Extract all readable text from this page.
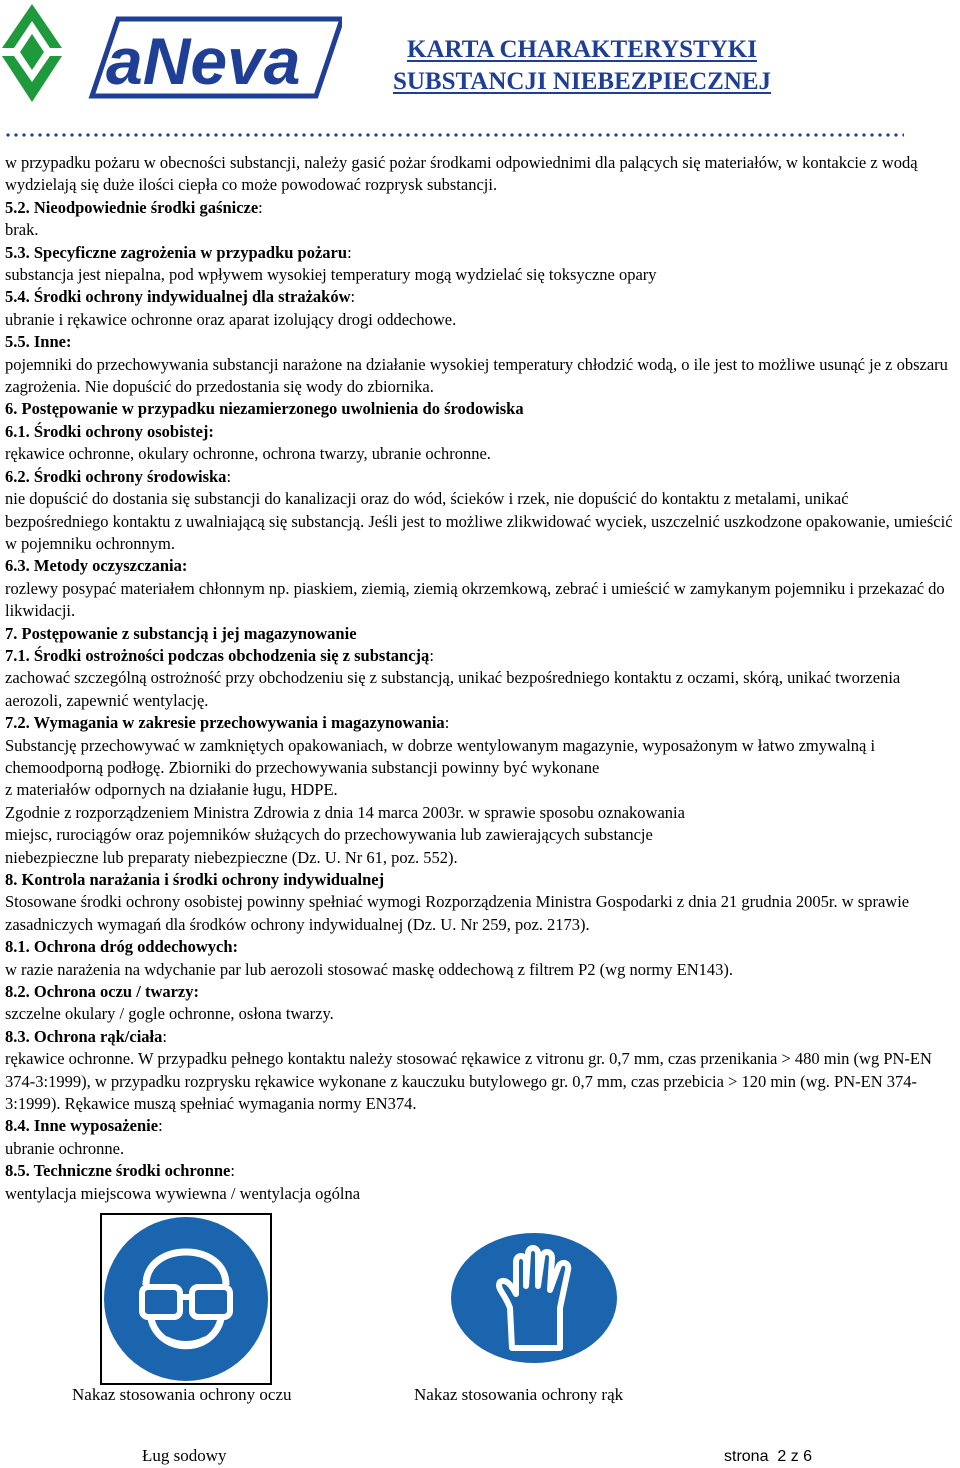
aNeva	KARTA CHARAKTERYSTYKI
SUBSTANCJI NIEBEZPIECZNEJ

w przypadku pożaru w obecności substancji, należy gasić pożar środkami odpowiednimi dla palących się materiałów, w kontakcie z wodą wydzielają się duże ilości ciepła co może powodować rozprysk substancji.

5.2. Nieodpowiednie środki gaśnicze:

brak.

5.3. Specyficzne zagrożenia w przypadku pożaru:

substancja jest niepalna, pod wpływem wysokiej temperatury mogą wydzielać się toksyczne opary

5.4. Środki ochrony indywidualnej dla strażaków:

ubranie i rękawice ochronne oraz aparat izolujący drogi oddechowe.

5.5. Inne:

pojemniki do przechowywania substancji narażone na działanie wysokiej temperatury chłodzić wodą, o ile jest to możliwe usunąć je z obszaru zagrożenia. Nie dopuścić do przedostania się wody do zbiornika.

6. Postępowanie w przypadku niezamierzonego uwolnienia do środowiska

6.1. Środki ochrony osobistej:

rękawice ochronne, okulary ochronne, ochrona twarzy, ubranie ochronne.

6.2. Środki ochrony środowiska:

nie dopuścić do dostania się substancji do kanalizacji oraz do wód, ścieków i rzek, nie dopuścić do kontaktu z metalami, unikać bezpośredniego kontaktu z uwalniającą się substancją. Jeśli jest to możliwe zlikwidować wyciek, uszczelnić uszkodzone opakowanie, umieścić w pojemniku ochronnym.

6.3. Metody oczyszczania:

rozlewy posypać materiałem chłonnym np. piaskiem, ziemią, ziemią okrzemkową, zebrać i umieścić w zamykanym pojemniku i przekazać do likwidacji.

7. Postępowanie z substancją i jej magazynowanie

7.1. Środki ostrożności podczas obchodzenia się z substancją:

zachować szczególną ostrożność przy obchodzeniu się z substancją, unikać bezpośredniego kontaktu z oczami, skórą, unikać tworzenia aerozoli, zapewnić wentylację.

7.2. Wymagania w zakresie przechowywania i magazynowania:

Substancję przechowywać w zamkniętych opakowaniach, w dobrze wentylowanym magazynie, wyposażonym w łatwo zmywalną i chemoodporną podłogę. Zbiorniki do przechowywania substancji powinny być wykonane

z materiałów odpornych na działanie ługu, HDPE.

Zgodnie z rozporządzeniem Ministra Zdrowia z dnia 14 marca 2003r. w sprawie sposobu oznakowania

miejsc, rurociągów oraz pojemników służących do przechowywania lub zawierających substancje

niebezpieczne lub preparaty niebezpieczne (Dz. U. Nr 61, poz. 552).

8. Kontrola narażania i środki ochrony indywidualnej

Stosowane środki ochrony osobistej powinny spełniać wymogi Rozporządzenia Ministra Gospodarki z dnia 21 grudnia 2005r. w sprawie zasadniczych wymagań dla środków ochrony indywidualnej (Dz. U. Nr 259, poz. 2173).

8.1. Ochrona dróg oddechowych:

w razie narażenia na wdychanie par lub aerozoli stosować maskę oddechową z filtrem P2 (wg normy EN143).

8.2. Ochrona oczu / twarzy:

szczelne okulary / gogle ochronne, osłona twarzy.

8.3. Ochrona rąk/ciała:

rękawice ochronne. W przypadku pełnego kontaktu należy stosować rękawice z vitronu gr. 0,7 mm, czas przenikania > 480 min (wg PN-EN 374-3:1999), w przypadku rozprysku rękawice wykonane z kauczuku butylowego gr. 0,7 mm, czas przebicia > 120 min (wg. PN-EN 374- 3:1999). Rękawice muszą spełniać wymagania normy EN374.

8.4. Inne wyposażenie:

ubranie ochronne.

8.5. Techniczne środki ochronne:

wentylacja miejscowa wywiewna / wentylacja ogólna

Nakaz stosowania ochrony oczu	Nakaz stosowania ochrony rąk
Ług sodowy	strona 2 z 6
